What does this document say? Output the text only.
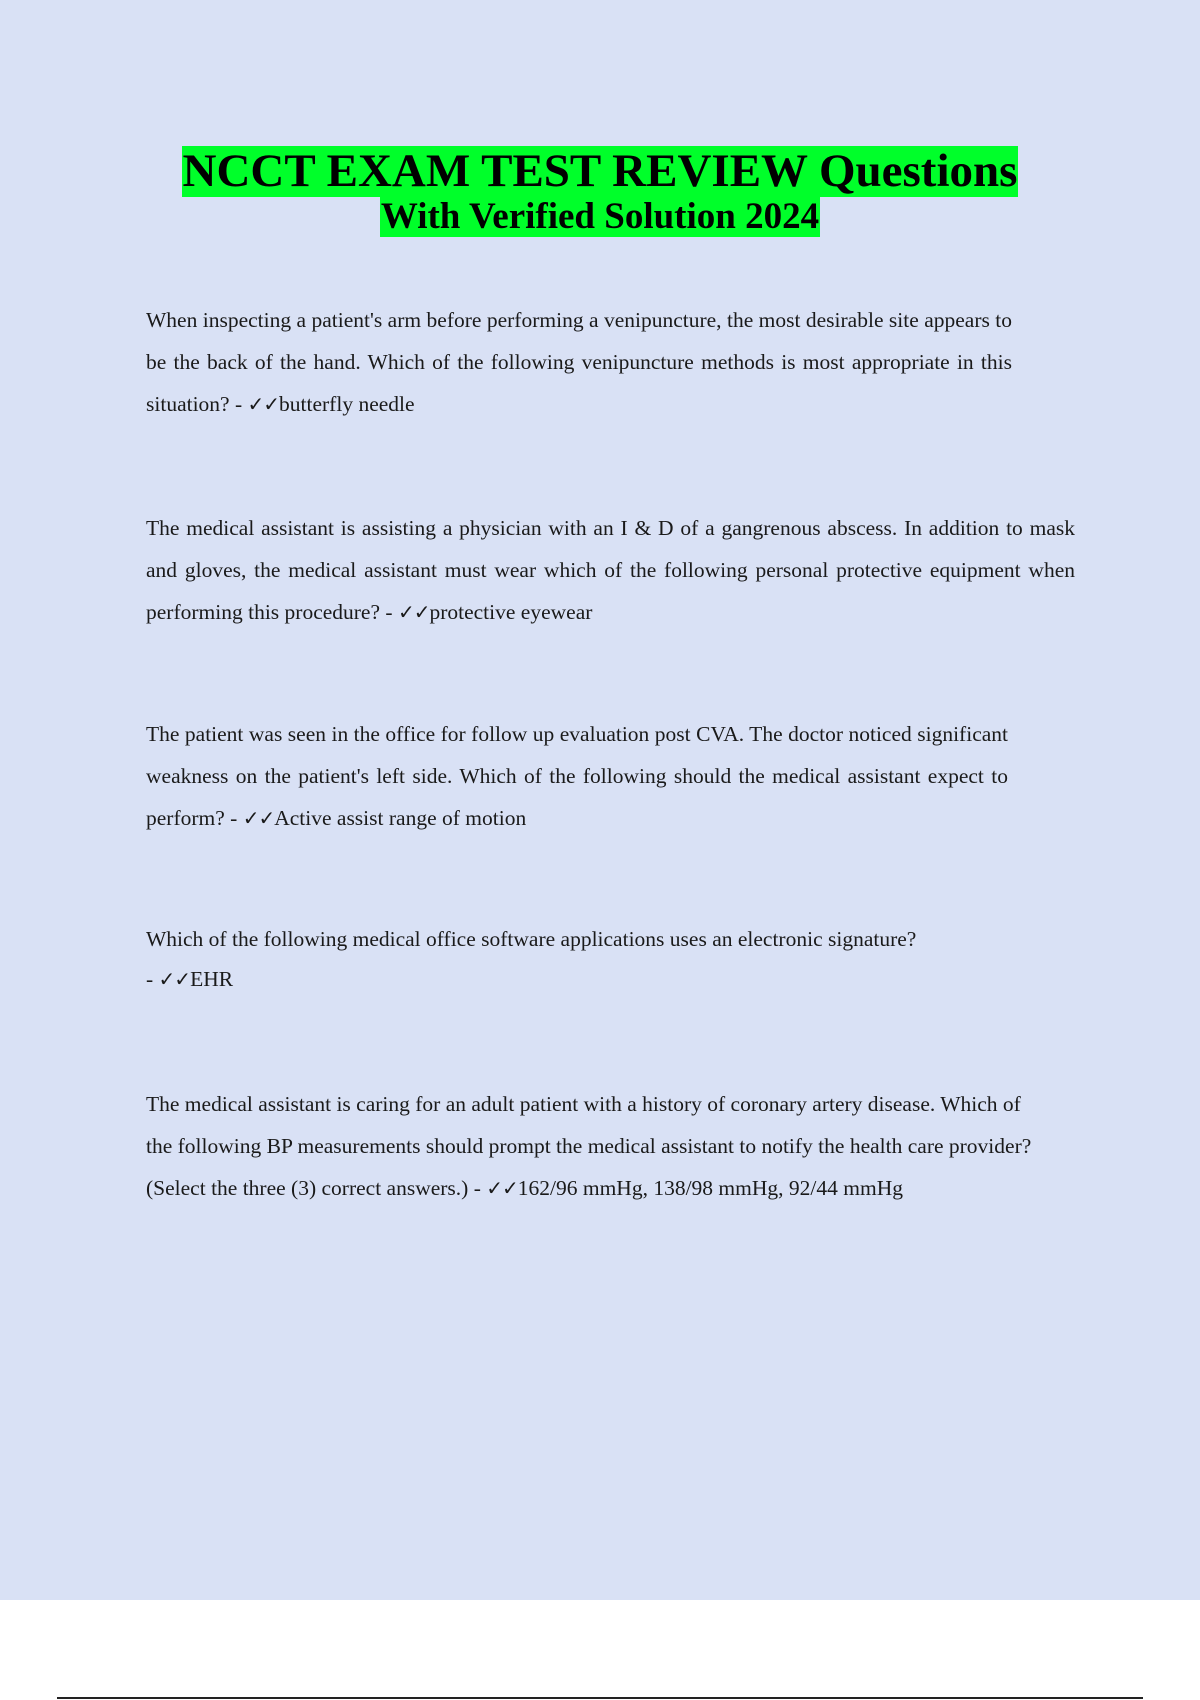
NCCT EXAM TEST REVIEW Questions
With Verified Solution 2024

When inspecting a patient's arm before performing a venipuncture, the most desirable site appears to be the back of the hand. Which of the following venipuncture methods is most appropriate in this situation? - ✓✓butterfly needle

The medical assistant is assisting a physician with an I & D of a gangrenous abscess. In addition to mask and gloves, the medical assistant must wear which of the following personal protective equipment when performing this procedure? - ✓✓protective eyewear

The patient was seen in the office for follow up evaluation post CVA. The doctor noticed significant weakness on the patient's left side. Which of the following should the medical assistant expect to perform? - ✓✓Active assist range of motion

Which of the following medical office software applications uses an electronic signature?
- ✓✓EHR

The medical assistant is caring for an adult patient with a history of coronary artery disease. Which of the following BP measurements should prompt the medical assistant to notify the health care provider? (Select the three (3) correct answers.) - ✓✓162/96 mmHg, 138/98 mmHg, 92/44 mmHg
